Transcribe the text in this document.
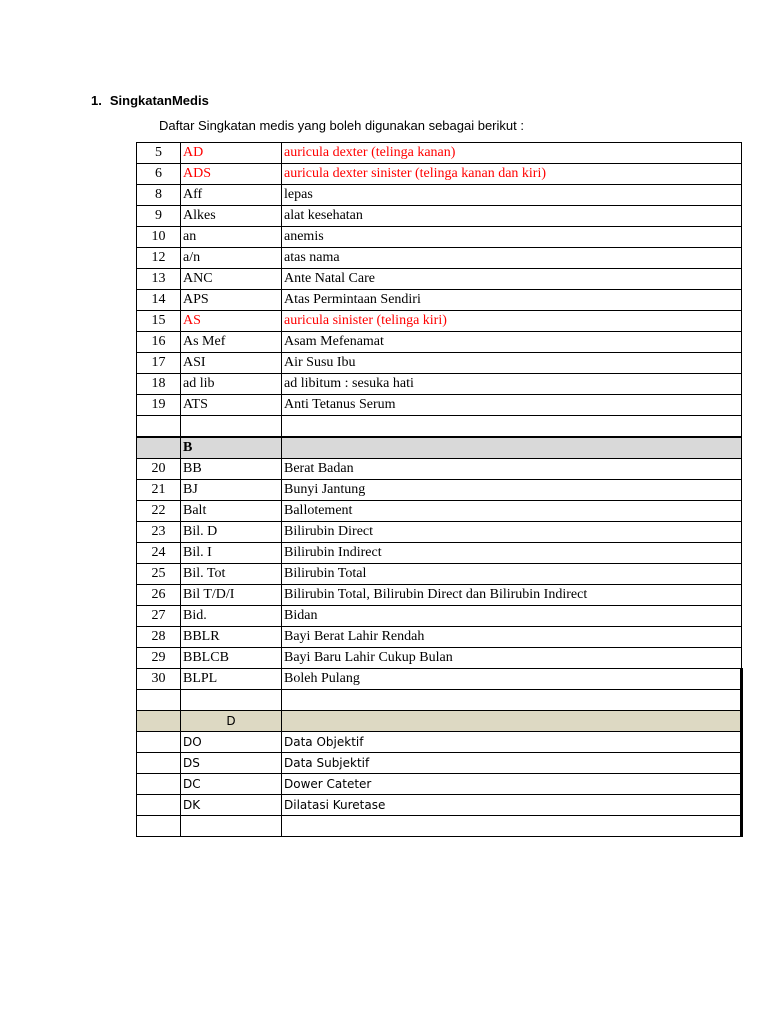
1. SingkatanMedis
Daftar Singkatan medis yang boleh digunakan sebagai berikut :
5	AD	auricula dexter (telinga kanan)
6	ADS	auricula dexter sinister (telinga kanan dan kiri)
8	Aff	lepas
9	Alkes	alat kesehatan
10	an	anemis
12	a/n	atas nama
13	ANC	Ante Natal Care
14	APS	Atas Permintaan Sendiri
15	AS	auricula sinister (telinga kiri)
16	As Mef	Asam Mefenamat
17	ASI	Air Susu Ibu
18	ad lib	ad libitum : sesuka hati
19	ATS	Anti Tetanus Serum

	B	
20	BB	Berat Badan
21	BJ	Bunyi Jantung
22	Balt	Ballotement
23	Bil. D	Bilirubin Direct
24	Bil. I	Bilirubin Indirect
25	Bil. Tot	Bilirubin Total
26	Bil T/D/I	Bilirubin Total, Bilirubin Direct dan Bilirubin Indirect
27	Bid.	Bidan
28	BBLR	Bayi Berat Lahir Rendah
29	BBLCB	Bayi Baru Lahir Cukup Bulan
30	BLPL	Boleh Pulang

	D	
	DO	Data Objektif
	DS	Data Subjektif
	DC	Dower Cateter
	DK	Dilatasi Kuretase
